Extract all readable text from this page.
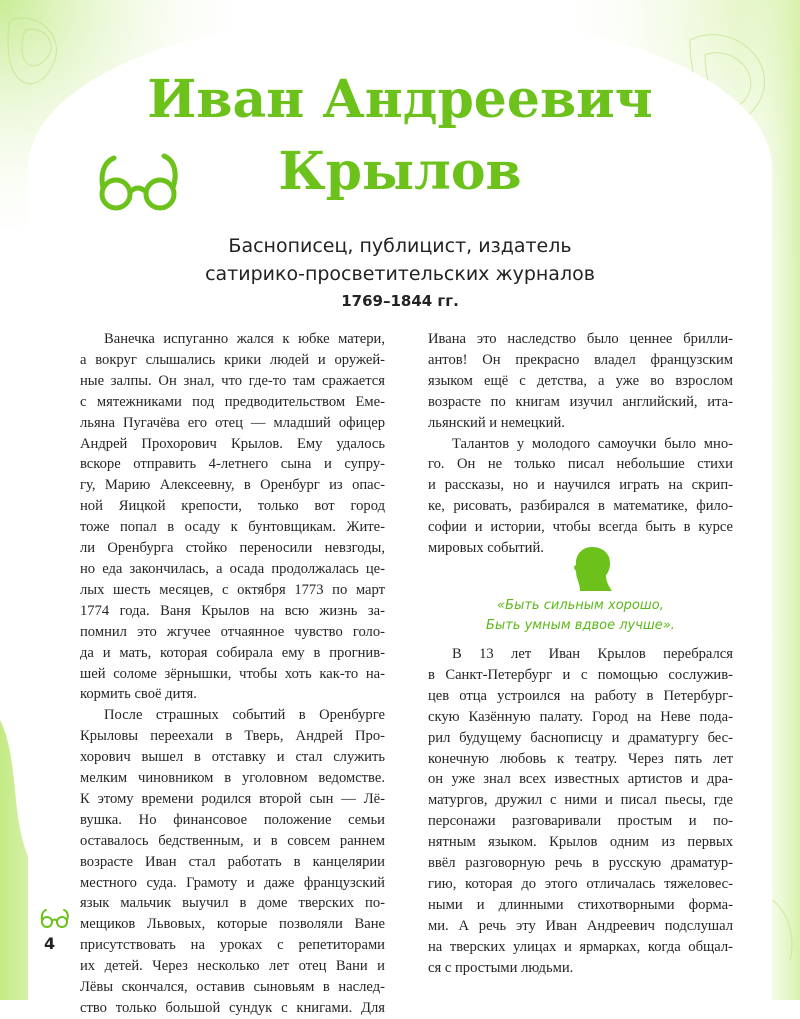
Иван Андреевич
Крылов
Баснописец, публицист, издатель
сатирико-просветительских журналов
1769–1844 гг.
Ванечка испуганно жался к юбке матери,
а вокруг слышались крики людей и оружей-
ные залпы. Он знал, что где-то там сражается
с мятежниками под предводительством Еме-
льяна Пугачёва его отец — младший офицер
Андрей Прохорович Крылов. Ему удалось
вскоре отправить 4-летнего сына и супру-
гу, Марию Алексеевну, в Оренбург из опас-
ной Яицкой крепости, только вот город
тоже попал в осаду к бунтовщикам. Жите-
ли Оренбурга стойко переносили невзгоды,
но еда закончилась, а осада продолжалась це-
лых шесть месяцев, с октября 1773 по март
1774 года. Ваня Крылов на всю жизнь за-
помнил это жгучее отчаянное чувство голо-
да и мать, которая собирала ему в прогнив-
шей соломе зёрнышки, чтобы хоть как-то на-
кормить своё дитя.
После страшных событий в Оренбурге
Крыловы переехали в Тверь, Андрей Про-
хорович вышел в отставку и стал служить
мелким чиновником в уголовном ведомстве.
К этому времени родился второй сын — Лё-
вушка. Но финансовое положение семьи
оставалось бедственным, и в совсем раннем
возрасте Иван стал работать в канцелярии
местного суда. Грамоту и даже французский
язык мальчик выучил в доме тверских по-
мещиков Львовых, которые позволяли Ване
присутствовать на уроках с репетиторами
их детей. Через несколько лет отец Вани и
Лёвы скончался, оставив сыновьям в наслед-
ство только большой сундук с книгами. Для
Ивана это наследство было ценнее брилли-
антов! Он прекрасно владел французским
языком ещё с детства, а уже во взрослом
возрасте по книгам изучил английский, ита-
льянский и немецкий.
Талантов у молодого самоучки было мно-
го. Он не только писал небольшие стихи
и рассказы, но и научился играть на скрип-
ке, рисовать, разбирался в математике, фило-
софии и истории, чтобы всегда быть в курсе
мировых событий.
«Быть сильным хорошо,
Быть умным вдвое лучше».
В 13 лет Иван Крылов перебрался
в Санкт-Петербург и с помощью сослужив-
цев отца устроился на работу в Петербург-
скую Казённую палату. Город на Неве пода-
рил будущему баснописцу и драматургу бес-
конечную любовь к театру. Через пять лет
он уже знал всех известных артистов и дра-
матургов, дружил с ними и писал пьесы, где
персонажи разговаривали простым и по-
нятным языком. Крылов одним из первых
ввёл разговорную речь в русскую драматур-
гию, которая до этого отличалась тяжеловес-
ными и длинными стихотворными форма-
ми. А речь эту Иван Андреевич подслушал
на тверских улицах и ярмарках, когда общал-
ся с простыми людьми.
4
